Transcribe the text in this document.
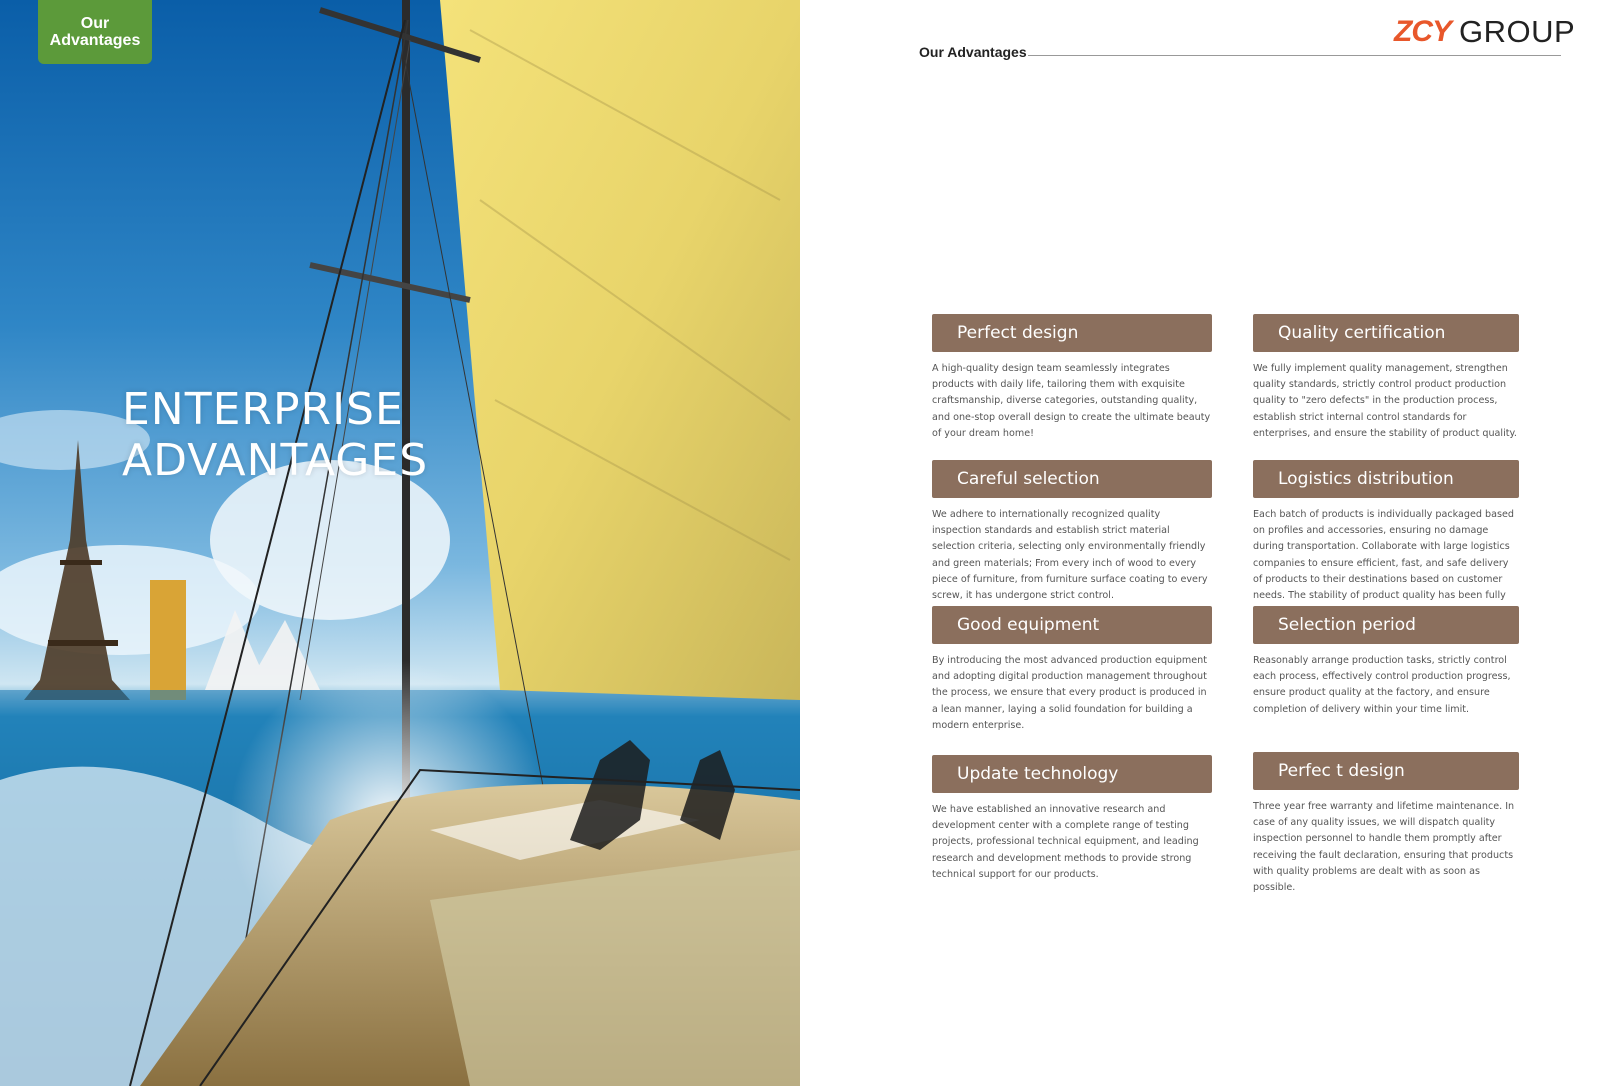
Our Advantages
ENTERPRISE ADVANTAGES
ZCY GROUP
Our Advantages
Perfect design
A high-quality design team seamlessly integrates products with daily life, tailoring them with exquisite craftsmanship, diverse categories, outstanding quality, and one-stop overall design to create the ultimate beauty of your dream home!
Quality certification
We fully implement quality management, strengthen quality standards, strictly control product production quality to "zero defects" in the production process, establish strict internal control standards for enterprises, and ensure the stability of product quality.
Careful selection
We adhere to internationally recognized quality inspection standards and establish strict material selection criteria, selecting only environmentally friendly and green materials; From every inch of wood to every piece of furniture, from furniture surface coating to every screw, it has undergone strict control.
Logistics distribution
Each batch of products is individually packaged based on profiles and accessories, ensuring no damage during transportation. Collaborate with large logistics companies to ensure efficient, fast, and safe delivery of products to their destinations based on customer needs. The stability of product quality has been fully
Good equipment
By introducing the most advanced production equipment and adopting digital production management throughout the process, we ensure that every product is produced in a lean manner, laying a solid foundation for building a modern enterprise.
Selection period
Reasonably arrange production tasks, strictly control each process, effectively control production progress, ensure product quality at the factory, and ensure completion of delivery within your time limit.
Update technology
We have established an innovative research and development center with a complete range of testing projects, professional technical equipment, and leading research and development methods to provide strong technical support for our products.
Perfec t design
Three year free warranty and lifetime maintenance. In case of any quality issues, we will dispatch quality inspection personnel to handle them promptly after receiving the fault declaration, ensuring that products with quality problems are dealt with as soon as possible.
